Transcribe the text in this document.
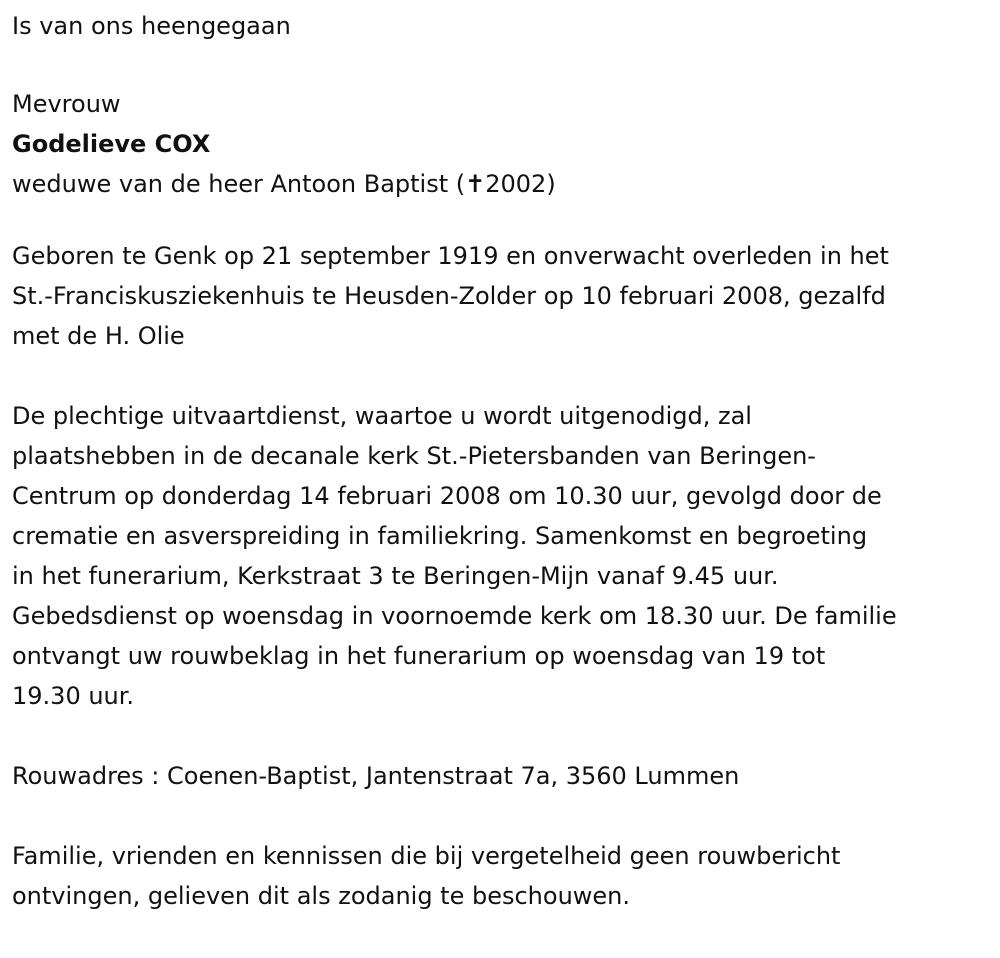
Is van ons heengegaan

Mevrouw

Godelieve COX

weduwe van de heer Antoon Baptist (✝2002)

Geboren te Genk op 21 september 1919 en onverwacht overleden in het
St.-Franciskusziekenhuis te Heusden-Zolder op 10 februari 2008, gezalfd
met de H. Olie
De plechtige uitvaartdienst, waartoe u wordt uitgenodigd, zal
plaatshebben in de decanale kerk St.-Pietersbanden van Beringen-
Centrum op donderdag 14 februari 2008 om 10.30 uur, gevolgd door de
crematie en asverspreiding in familiekring. Samenkomst en begroeting
in het funerarium, Kerkstraat 3 te Beringen-Mijn vanaf 9.45 uur.
Gebedsdienst op woensdag in voornoemde kerk om 18.30 uur. De familie
ontvangt uw rouwbeklag in het funerarium op woensdag van 19 tot
19.30 uur.

Rouwadres : Coenen-Baptist, Jantenstraat 7a, 3560 Lummen

Familie, vrienden en kennissen die bij vergetelheid geen rouwbericht
ontvingen, gelieven dit als zodanig te beschouwen.
